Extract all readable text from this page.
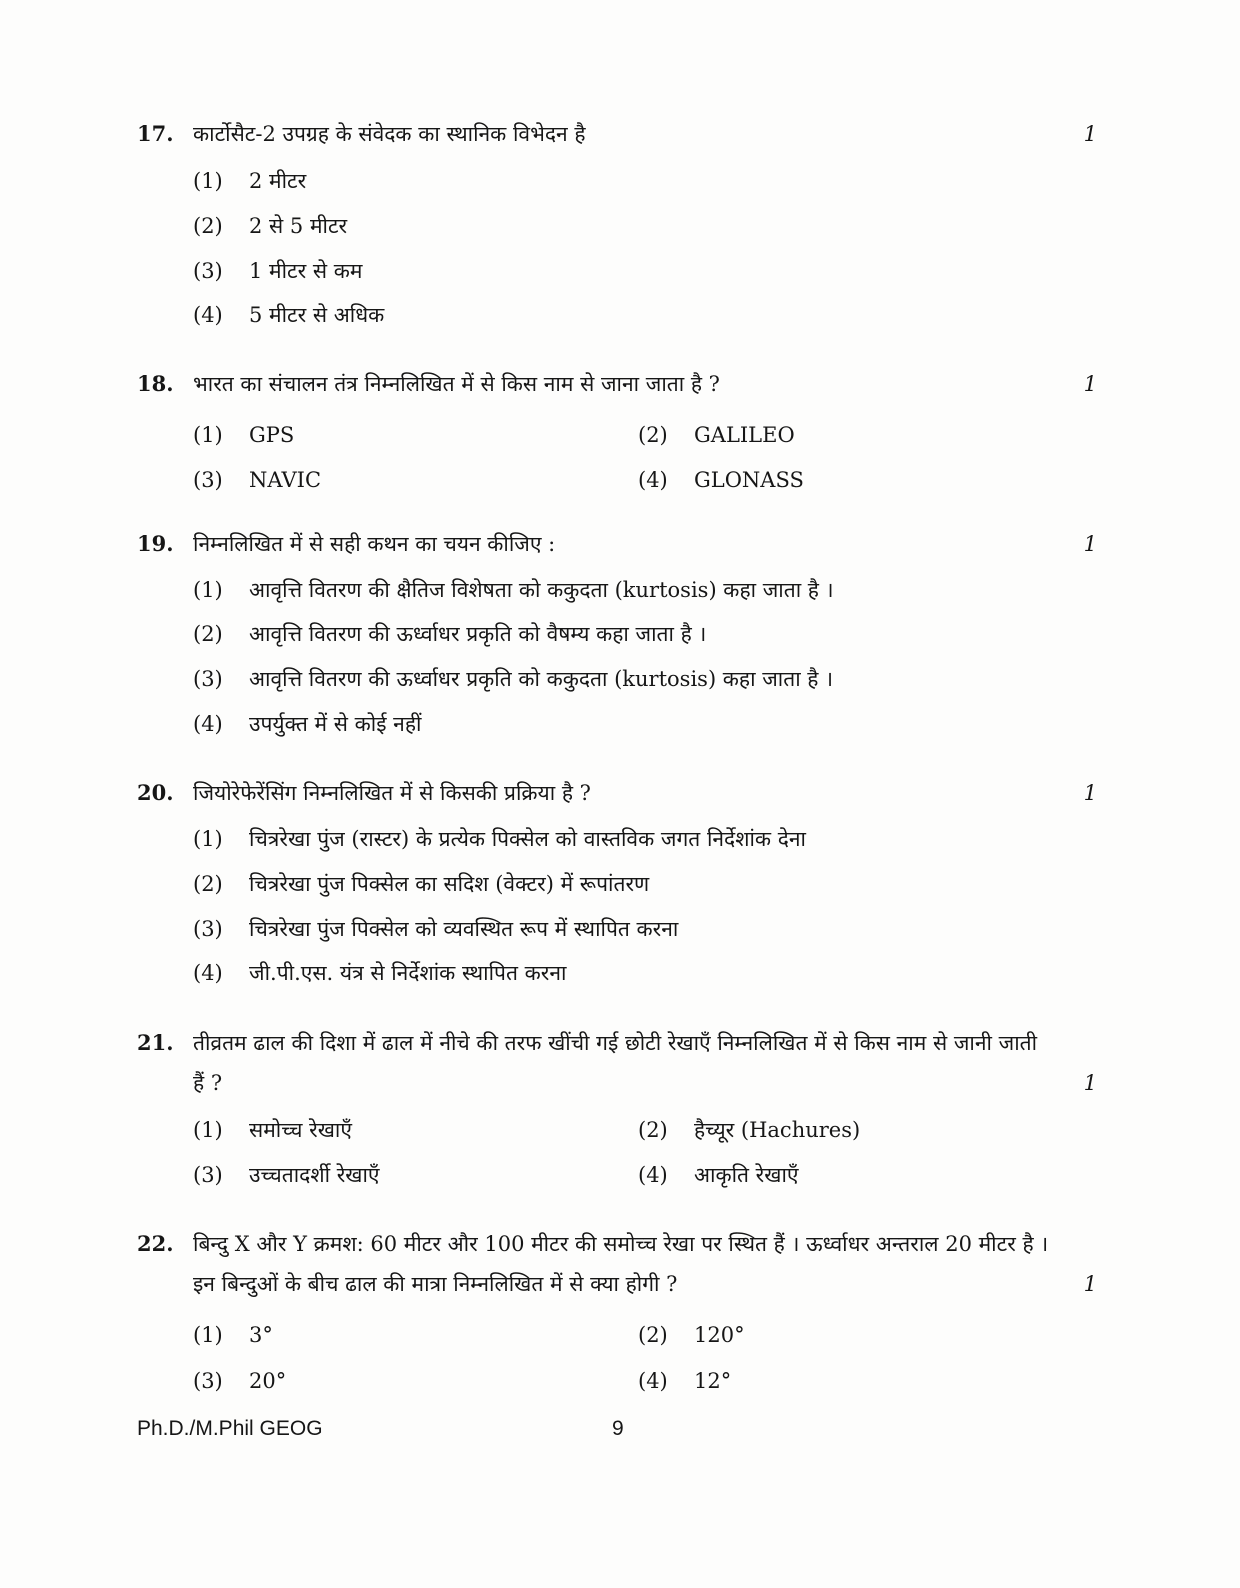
17. कार्टोसैट-2 उपग्रह के संवेदक का स्थानिक विभेदन है	1
(1) 2 मीटर
(2) 2 से 5 मीटर
(3) 1 मीटर से कम
(4) 5 मीटर से अधिक
18. भारत का संचालन तंत्र निम्नलिखित में से किस नाम से जाना जाता है ?	1
(1) GPS	(2) GALILEO
(3) NAVIC	(4) GLONASS
19. निम्नलिखित में से सही कथन का चयन कीजिए :	1
(1) आवृत्ति वितरण की क्षैतिज विशेषता को ककुदता (kurtosis) कहा जाता है ।
(2) आवृत्ति वितरण की ऊर्ध्वाधर प्रकृति को वैषम्य कहा जाता है ।
(3) आवृत्ति वितरण की ऊर्ध्वाधर प्रकृति को ककुदता (kurtosis) कहा जाता है ।
(4) उपर्युक्त में से कोई नहीं
20. जियोरेफेरेंसिंग निम्नलिखित में से किसकी प्रक्रिया है ?	1
(1) चित्ररेखा पुंज (रास्टर) के प्रत्येक पिक्सेल को वास्तविक जगत निर्देशांक देना
(2) चित्ररेखा पुंज पिक्सेल का सदिश (वेक्टर) में रूपांतरण
(3) चित्ररेखा पुंज पिक्सेल को व्यवस्थित रूप में स्थापित करना
(4) जी.पी.एस. यंत्र से निर्देशांक स्थापित करना
21. तीव्रतम ढाल की दिशा में ढाल में नीचे की तरफ खींची गई छोटी रेखाएँ निम्नलिखित में से किस नाम से जानी जाती हैं ?	1
(1) समोच्च रेखाएँ	(2) हैच्यूर (Hachures)
(3) उच्चतादर्शी रेखाएँ	(4) आकृति रेखाएँ
22. बिन्दु X और Y क्रमश: 60 मीटर और 100 मीटर की समोच्च रेखा पर स्थित हैं । ऊर्ध्वाधर अन्तराल 20 मीटर है । इन बिन्दुओं के बीच ढाल की मात्रा निम्नलिखित में से क्या होगी ?	1
(1) 3°	(2) 120°
(3) 20°	(4) 12°
Ph.D./M.Phil GEOG	9
